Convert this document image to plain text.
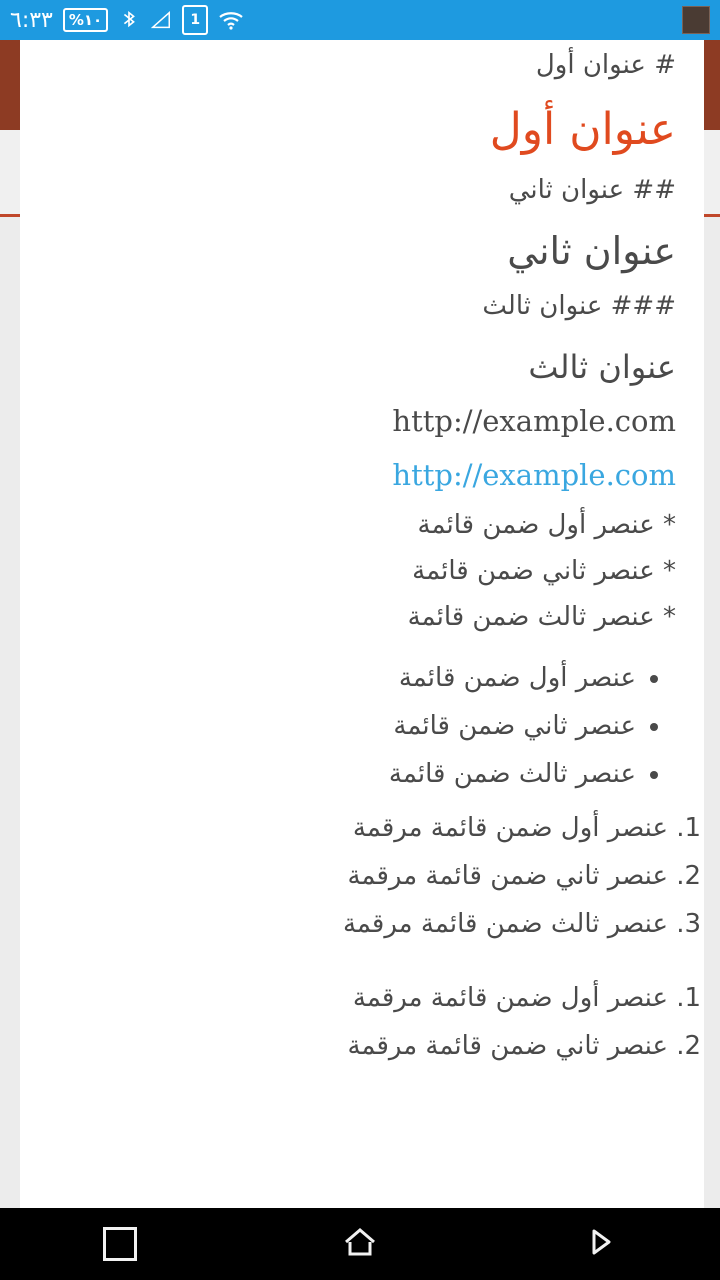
٦:٣٣	%١٠	1

# عنوان أول

عنوان أول

## عنوان ثاني

عنوان ثاني

### عنوان ثالث

عنوان ثالث
http://example.com
http://example.com
* عنصر أول ضمن قائمة
* عنصر ثاني ضمن قائمة
* عنصر ثالث ضمن قائمة
• عنصر أول ضمن قائمة
• عنصر ثاني ضمن قائمة
• عنصر ثالث ضمن قائمة
1. عنصر أول ضمن قائمة مرقمة
2. عنصر ثاني ضمن قائمة مرقمة
3. عنصر ثالث ضمن قائمة مرقمة
1. عنصر أول ضمن قائمة مرقمة
2. عنصر ثاني ضمن قائمة مرقمة
